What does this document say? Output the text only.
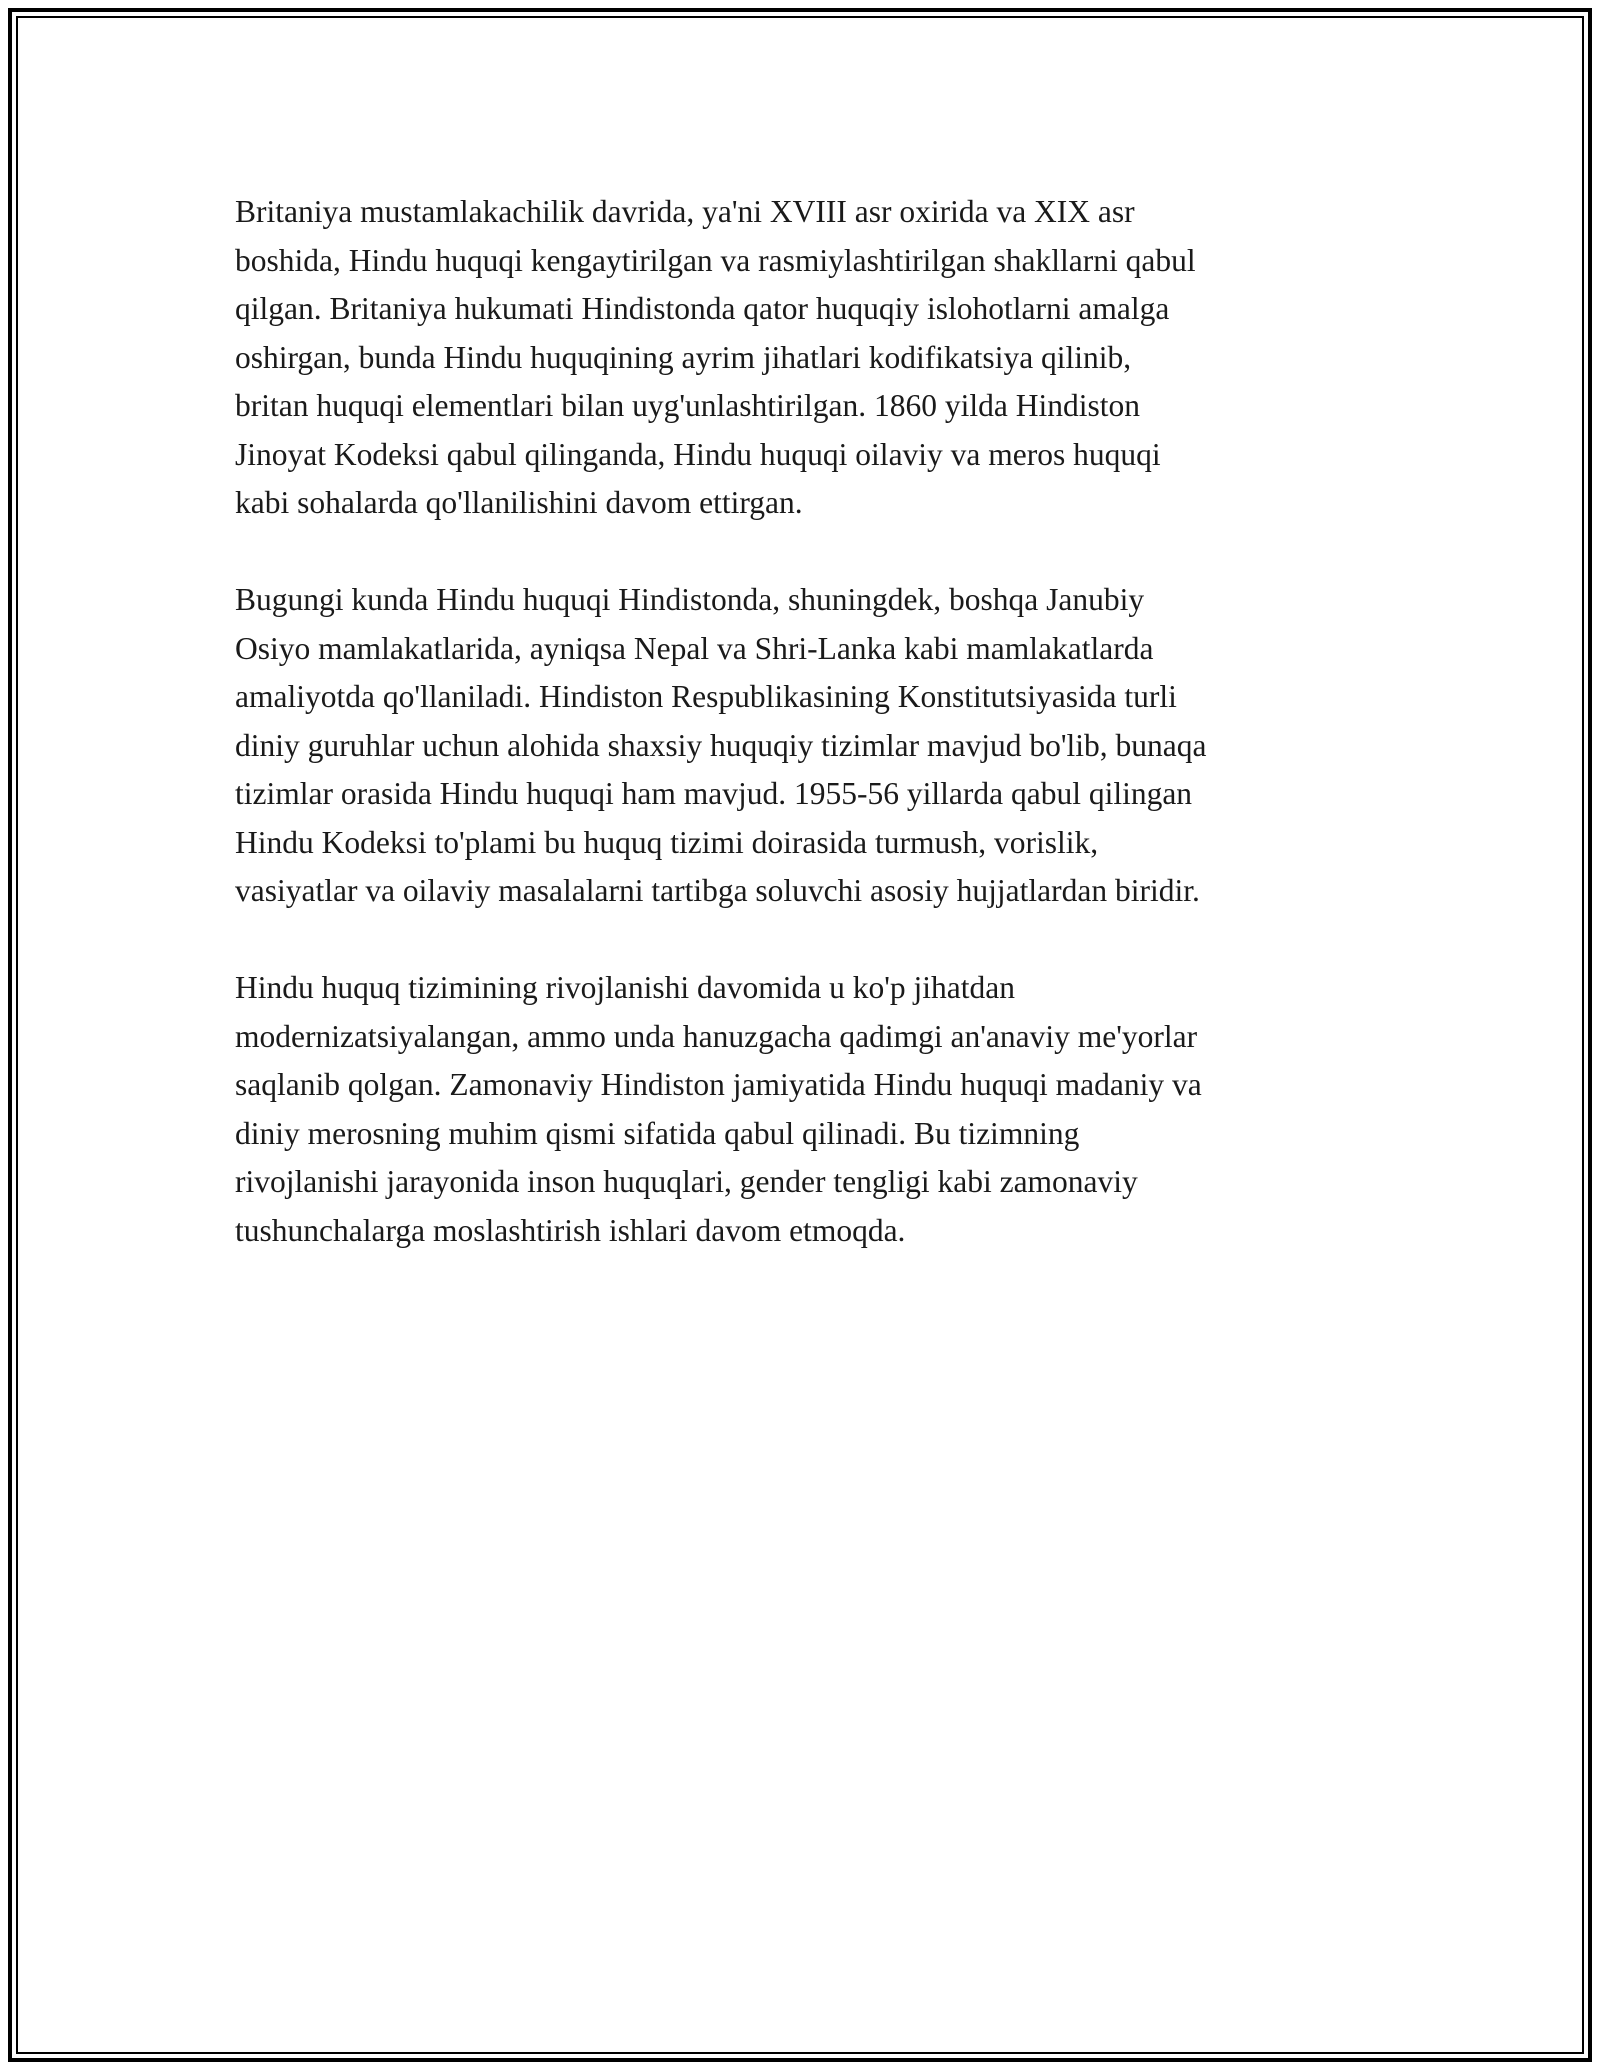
Britaniya mustamlakachilik davrida, ya'ni XVIII asr oxirida va XIX asr
boshida, Hindu huquqi kengaytirilgan va rasmiylashtirilgan shakllarni qabul
qilgan. Britaniya hukumati Hindistonda qator huquqiy islohotlarni amalga
oshirgan, bunda Hindu huquqining ayrim jihatlari kodifikatsiya qilinib,
britan huquqi elementlari bilan uyg'unlashtirilgan. 1860 yilda Hindiston
Jinoyat Kodeksi qabul qilinganda, Hindu huquqi oilaviy va meros huquqi
kabi sohalarda qo'llanilishini davom ettirgan.

Bugungi kunda Hindu huquqi Hindistonda, shuningdek, boshqa Janubiy
Osiyo mamlakatlarida, ayniqsa Nepal va Shri-Lanka kabi mamlakatlarda
amaliyotda qo'llaniladi. Hindiston Respublikasining Konstitutsiyasida turli
diniy guruhlar uchun alohida shaxsiy huquqiy tizimlar mavjud bo'lib, bunaqa
tizimlar orasida Hindu huquqi ham mavjud. 1955-56 yillarda qabul qilingan
Hindu Kodeksi to'plami bu huquq tizimi doirasida turmush, vorislik,
vasiyatlar va oilaviy masalalarni tartibga soluvchi asosiy hujjatlardan biridir.

Hindu huquq tizimining rivojlanishi davomida u ko'p jihatdan
modernizatsiyalangan, ammo unda hanuzgacha qadimgi an'anaviy me'yorlar
saqlanib qolgan. Zamonaviy Hindiston jamiyatida Hindu huquqi madaniy va
diniy merosning muhim qismi sifatida qabul qilinadi. Bu tizimning
rivojlanishi jarayonida inson huquqlari, gender tengligi kabi zamonaviy
tushunchalarga moslashtirish ishlari davom etmoqda.
